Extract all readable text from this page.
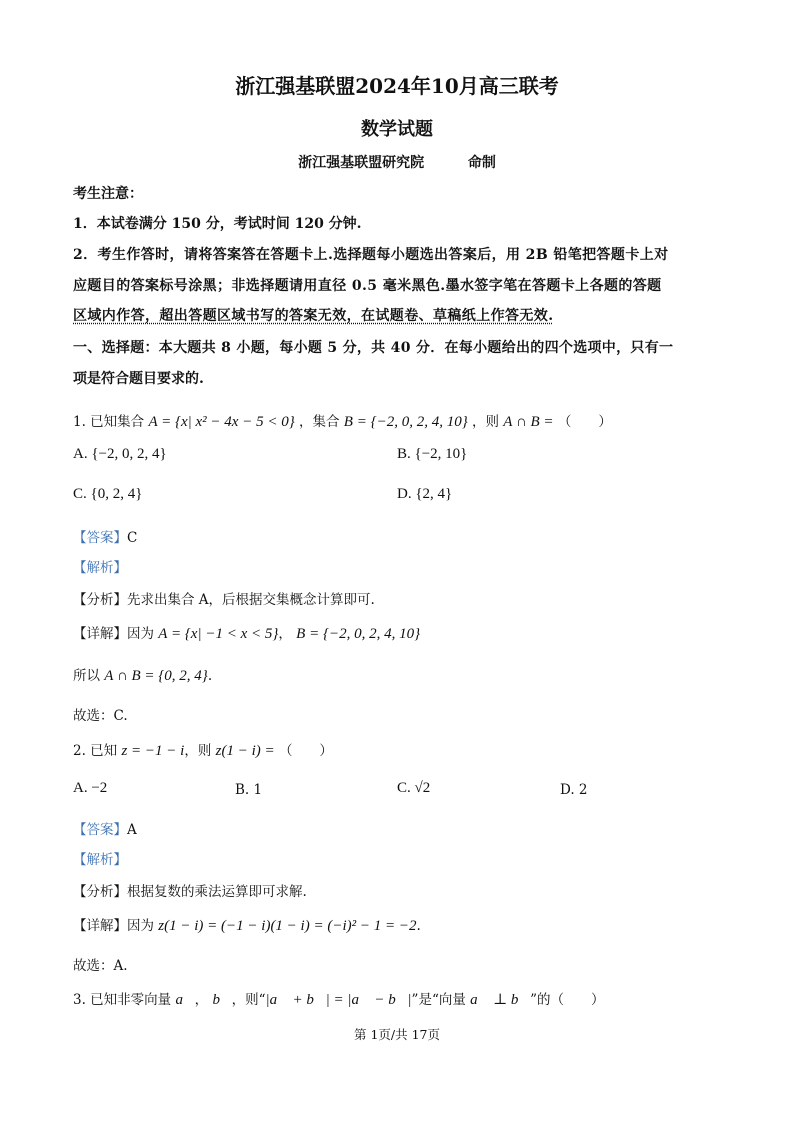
浙江强基联盟2024年10月高三联考
数学试题
浙江强基联盟研究院	命制
考生注意：
1．本试卷满分 150 分，考试时间 120 分钟.
2．考生作答时，请将答案答在答题卡上.选择题每小题选出答案后，用 2B 铅笔把答题卡上对
应题目的答案标号涂黑；非选择题请用直径 0.5 毫米黑色.墨水签字笔在答题卡上各题的答题
区域内作答，超出答题区域书写的答案无效，在试题卷、草稿纸上作答无效.
一、选择题：本大题共 8 小题，每小题 5 分，共 40 分．在每小题给出的四个选项中，只有一
项是符合题目要求的.
1. 已知集合 A = {x| x² − 4x − 5 < 0} ，集合 B = {−2, 0, 2, 4, 10} ，则 A ∩ B = （　　）
A. {−2, 0, 2, 4}	B. {−2, 10}
C. {0, 2, 4}	D. {2, 4}
【答案】C
【解析】
【分析】先求出集合 A，后根据交集概念计算即可.
【详解】因为 A = {x| −1 < x < 5}， B = {−2, 0, 2, 4, 10}
所以 A ∩ B = {0, 2, 4}.
故选：C.
2. 已知 z = −1 − i，则 z(1 − i) = （　　）
A. −2	B. 1	C. √2	D. 2
【答案】A
【解析】
【分析】根据复数的乘法运算即可求解.
【详解】因为 z(1 − i) = (−1 − i)(1 − i) = (−i)² − 1 = −2.
故选：A.
3. 已知非零向量 a⃗， b⃗，则“|a⃗ + b⃗| = |a⃗ − b⃗|”是“向量 a⃗ ⊥ b⃗”的（　　）
第 1页/共 17页
